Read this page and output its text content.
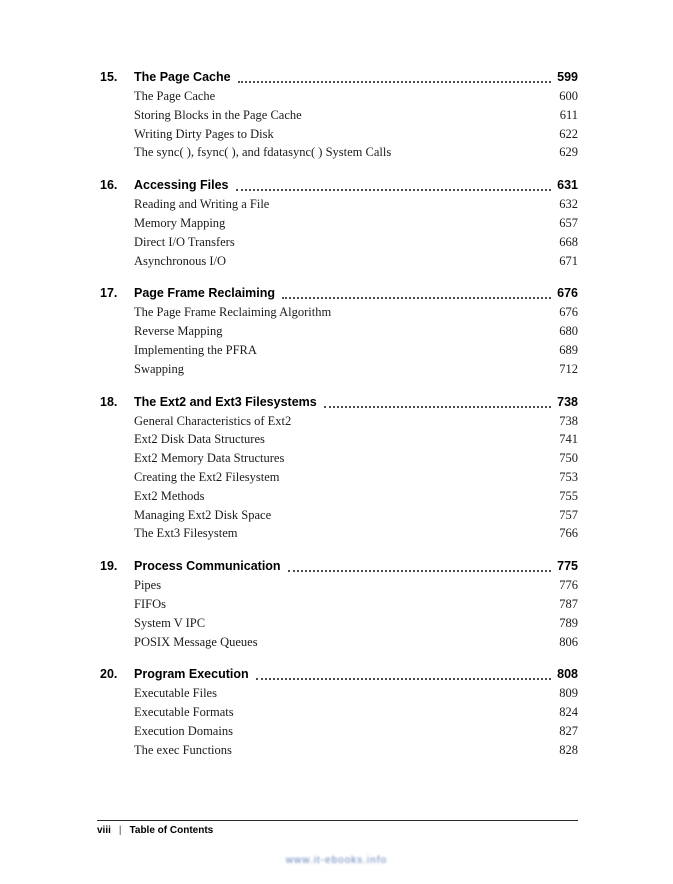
15.	The Page Cache	599
The Page Cache	600
Storing Blocks in the Page Cache	611
Writing Dirty Pages to Disk	622
The sync( ), fsync( ), and fdatasync( ) System Calls	629
16.	Accessing Files	631
Reading and Writing a File	632
Memory Mapping	657
Direct I/O Transfers	668
Asynchronous I/O	671
17.	Page Frame Reclaiming	676
The Page Frame Reclaiming Algorithm	676
Reverse Mapping	680
Implementing the PFRA	689
Swapping	712
18.	The Ext2 and Ext3 Filesystems	738
General Characteristics of Ext2	738
Ext2 Disk Data Structures	741
Ext2 Memory Data Structures	750
Creating the Ext2 Filesystem	753
Ext2 Methods	755
Managing Ext2 Disk Space	757
The Ext3 Filesystem	766
19.	Process Communication	775
Pipes	776
FIFOs	787
System V IPC	789
POSIX Message Queues	806
20.	Program Execution	808
Executable Files	809
Executable Formats	824
Execution Domains	827
The exec Functions	828
viii | Table of Contents
www.it-ebooks.info
